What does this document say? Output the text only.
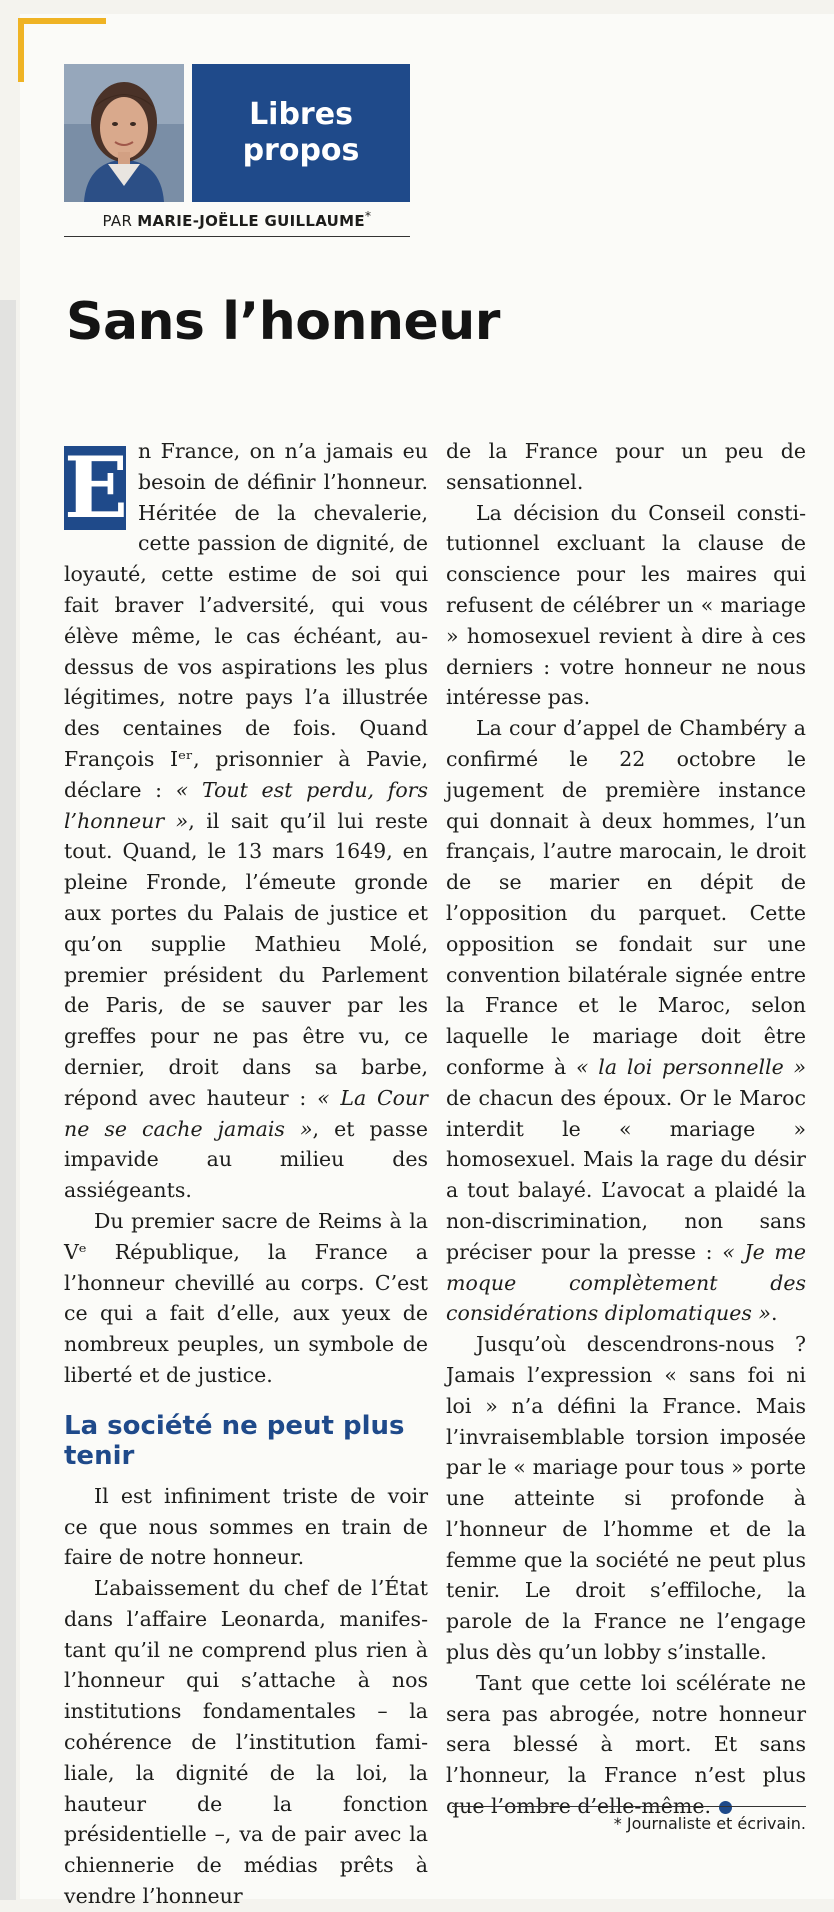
Libres
propos
PAR MARIE-JOËLLE GUILLAUME*
Sans l’honneur

E n France, on n’a jamais eu besoin de définir l’honneur. Héritée de la chevalerie, cette passion de dignité, de loyauté, cette estime de soi qui fait braver l’adversité, qui vous élève même, le cas échéant, audessus de vos aspirations les plus légitimes, notre pays l’a illustrée des centaines de fois. Quand François Iᵉʳ, prisonnier à Pavie, déclare : « Tout est perdu, fors l’honneur », il sait qu’il lui reste tout. Quand, le 13 mars 1649, en pleine Fronde, l’émeute gronde aux portes du Palais de justice et qu’on supplie Mathieu Molé, premier président du Parlement de Paris, de se sauver par les greffes pour ne pas être vu, ce dernier, droit dans sa barbe, répond avec hauteur : « La Cour ne se cache jamais », et passe impavide au milieu des assiégeants.

Du premier sacre de Reims à la Vᵉ République, la France a l’honneur chevillé au corps. C’est ce qui a fait d’elle, aux yeux de nombreux peuples, un symbole de liberté et de justice.

La société ne peut plus tenir

Il est infiniment triste de voir ce que nous sommes en train de faire de notre honneur.

L’abaissement du chef de l’État dans l’affaire Leonarda, manifestant qu’il ne comprend plus rien à l’honneur qui s’attache à nos institutions fondamentales – la cohérence de l’institution familiale, la dignité de la loi, la hauteur de la fonction présidentielle –, va de pair avec la chiennerie de médias prêts à vendre l’honneur

de la France pour un peu de sensationnel.

La décision du Conseil constitutionnel excluant la clause de conscience pour les maires qui refusent de célébrer un « mariage » homosexuel revient à dire à ces derniers : votre honneur ne nous intéresse pas.

La cour d’appel de Chambéry a confirmé le 22 octobre le jugement de première instance qui donnait à deux hommes, l’un français, l’autre marocain, le droit de se marier en dépit de l’opposition du parquet. Cette opposition se fondait sur une convention bilatérale signée entre la France et le Maroc, selon laquelle le mariage doit être conforme à « la loi personnelle » de chacun des époux. Or le Maroc interdit le « mariage » homosexuel. Mais la rage du désir a tout balayé. L’avocat a plaidé la non-discrimination, non sans préciser pour la presse : « Je me moque complètement des considérations diplomatiques ».

Jusqu’où descendrons-nous ? Jamais l’expression « sans foi ni loi » n’a défini la France. Mais l’invraisemblable torsion imposée par le « mariage pour tous » porte une atteinte si profonde à l’honneur de l’homme et de la femme que la société ne peut plus tenir. Le droit s’effiloche, la parole de la France ne l’engage plus dès qu’un lobby s’installe.

Tant que cette loi scélérate ne sera pas abrogée, notre honneur sera blessé à mort. Et sans l’honneur, la France n’est plus que l’ombre d’elle-même.

* Journaliste et écrivain.
